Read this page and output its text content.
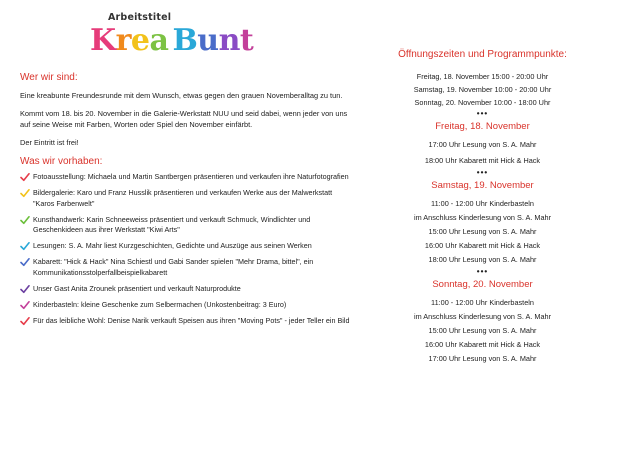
Arbeitstitel
Krea Bunt
Wer wir sind:

Eine kreabunte Freundesrunde mit dem Wunsch, etwas gegen den grauen Novemberalltag zu tun.

Kommt vom 18. bis 20. November in die Galerie-Werkstatt NUU und seid dabei, wenn jeder von uns auf seine Weise mit Farben, Worten oder Spiel den November einfärbt.

Der Eintritt ist frei!

Was wir vorhaben:
Fotoausstellung: Michaela und Martin Santbergen präsentieren und verkaufen ihre Naturfotografien
Bildergalerie: Karo und Franz Husslik präsentieren und verkaufen Werke aus der Malwerkstatt "Karos Farbenwelt"
Kunsthandwerk: Karin Schneeweiss präsentiert und verkauft Schmuck, Windlichter und Geschenkideen aus ihrer Werkstatt "Kiwi Arts"
Lesungen: S. A. Mahr liest Kurzgeschichten, Gedichte und Auszüge aus seinen Werken
Kabarett: "Hick & Hack" Nina Schiestl und Gabi Sander spielen "Mehr Drama, bittel", ein Kommunikationsstolperfallbeispielkabarett
Unser Gast Anita Zrounek präsentiert und verkauft Naturprodukte
Kinderbasteln: kleine Geschenke zum Selbermachen (Unkostenbeitrag: 3 Euro)
Für das leibliche Wohl: Denise Narik verkauft Speisen aus ihren "Moving Pots" - jeder Teller ein Bild
Öffnungszeiten und Programmpunkte:
Freitag, 18. November 15:00 - 20:00 Uhr
Samstag, 19. November 10:00 - 20:00 Uhr
Sonntag, 20. November 10:00 - 18:00 Uhr
•••
Freitag, 18. November
17:00 Uhr Lesung von S. A. Mahr
18:00 Uhr Kabarett mit Hick & Hack
•••
Samstag, 19. November
11:00 - 12:00 Uhr Kinderbasteln
im Anschluss Kinderlesung von S. A. Mahr
15:00 Uhr Lesung von S. A. Mahr
16:00 Uhr Kabarett mit Hick & Hack
18:00 Uhr Lesung von S. A. Mahr
•••
Sonntag, 20. November
11:00 - 12:00 Uhr Kinderbasteln
im Anschluss Kinderlesung von S. A. Mahr
15:00 Uhr Lesung von S. A. Mahr
16:00 Uhr Kabarett mit Hick & Hack
17:00 Uhr Lesung von S. A. Mahr
